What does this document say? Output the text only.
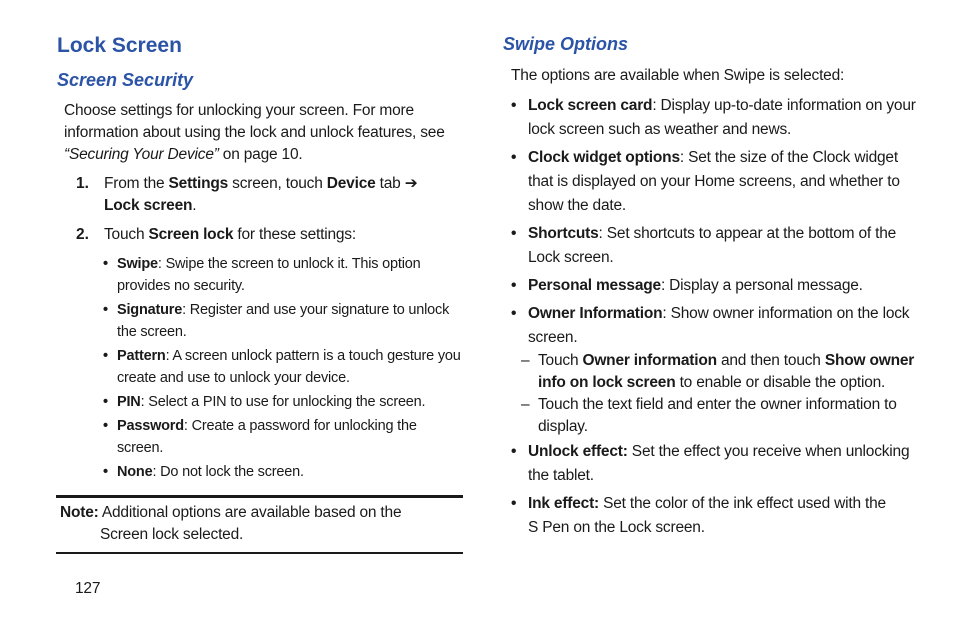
Lock Screen
Screen Security
Choose settings for unlocking your screen. For more
information about using the lock and unlock features, see
“Securing Your Device” on page 10.
1. From the Settings screen, touch Device tab ➔
Lock screen.
2. Touch Screen lock for these settings:
• Swipe: Swipe the screen to unlock it. This option
provides no security.
• Signature: Register and use your signature to unlock
the screen.
• Pattern: A screen unlock pattern is a touch gesture you
create and use to unlock your device.
• PIN: Select a PIN to use for unlocking the screen.
• Password: Create a password for unlocking the
screen.
• None: Do not lock the screen.
Note: Additional options are available based on the
Screen lock selected.
127
Swipe Options
The options are available when Swipe is selected:
• Lock screen card: Display up-to-date information on your
lock screen such as weather and news.
• Clock widget options: Set the size of the Clock widget
that is displayed on your Home screens, and whether to
show the date.
• Shortcuts: Set shortcuts to appear at the bottom of the
Lock screen.
• Personal message: Display a personal message.
• Owner Information: Show owner information on the lock
screen.
– Touch Owner information and then touch Show owner
info on lock screen to enable or disable the option.
– Touch the text field and enter the owner information to
display.
• Unlock effect: Set the effect you receive when unlocking
the tablet.
• Ink effect: Set the color of the ink effect used with the
S Pen on the Lock screen.
